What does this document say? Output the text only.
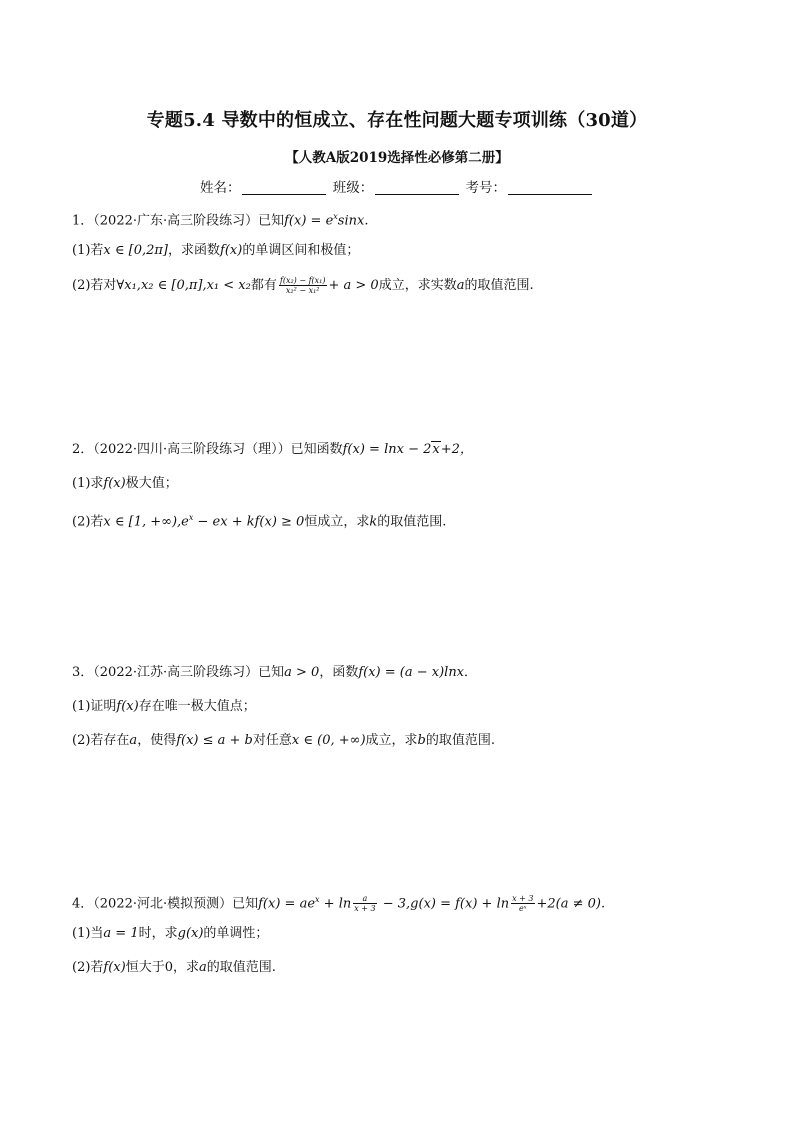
专题5.4 导数中的恒成立、存在性问题大题专项训练（30道）
【人教A版2019选择性必修第二册】
姓名：	班级：	考号：
1．（2022·广东·高三阶段练习）已知$f(x) = e^x\sin x$.
(1)若x ∈ [0,2π]，求函数f(x)的单调区间和极值；
(2)若对∀x₁,x₂ ∈ [0,π],x₁ < x₂都有 $\frac{\text{f(x₂) − f(x₁)}}{\text{x₂² − x₁²}} + a > 0$成立，求实数a的取值范围.
2．（2022·四川·高三阶段练习（理））已知函数f(x) = lnx − 2x+2，
(1)求f(x)极大值；
(2)若x ∈ [1, $+\infty),e^x$ − ex + kf(x) ≥ 0恒成立，求k的取值范围.
3．（2022·江苏·高三阶段练习）已知a > 0，函数f(x) = (a − x)lnx．
(1)证明f(x)存在唯一极大值点；
(2)若存在a，使得f(x) ≤ a + b对任意x ∈ (0, +∞)成立，求b的取值范围.
4．（2022·河北·模拟预测）已知$f(x) = ae^x + \ln \frac{a}{x + 3} - 3,g(x) = f(x) + \ln \frac{x + 3}{\text{eˣ}} +2(a \ne 0)$.
(1)当a = 1时，求g(x)的单调性；
(2)若f(x)恒大于0，求a的取值范围.
